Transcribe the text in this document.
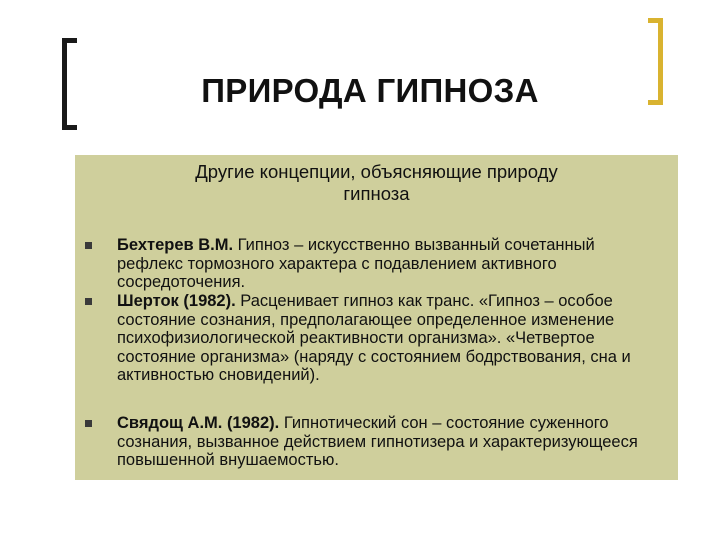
ПРИРОДА ГИПНОЗА
Другие концепции, объясняющие природу
гипноза
Бехтерев В.М. Гипноз – искусственно вызванный сочетанный рефлекс тормозного характера с подавлением активного сосредоточения.
Шерток (1982). Расценивает гипноз как транс. «Гипноз – особое состояние сознания, предполагающее определенное изменение психофизиологической реактивности организма». «Четвертое состояние организма» (наряду с состоянием бодрствования, сна и активностью сновидений).
Свядощ А.М. (1982). Гипнотический сон – состояние суженного сознания, вызванное действием гипнотизера и характеризующееся повышенной внушаемостью.
